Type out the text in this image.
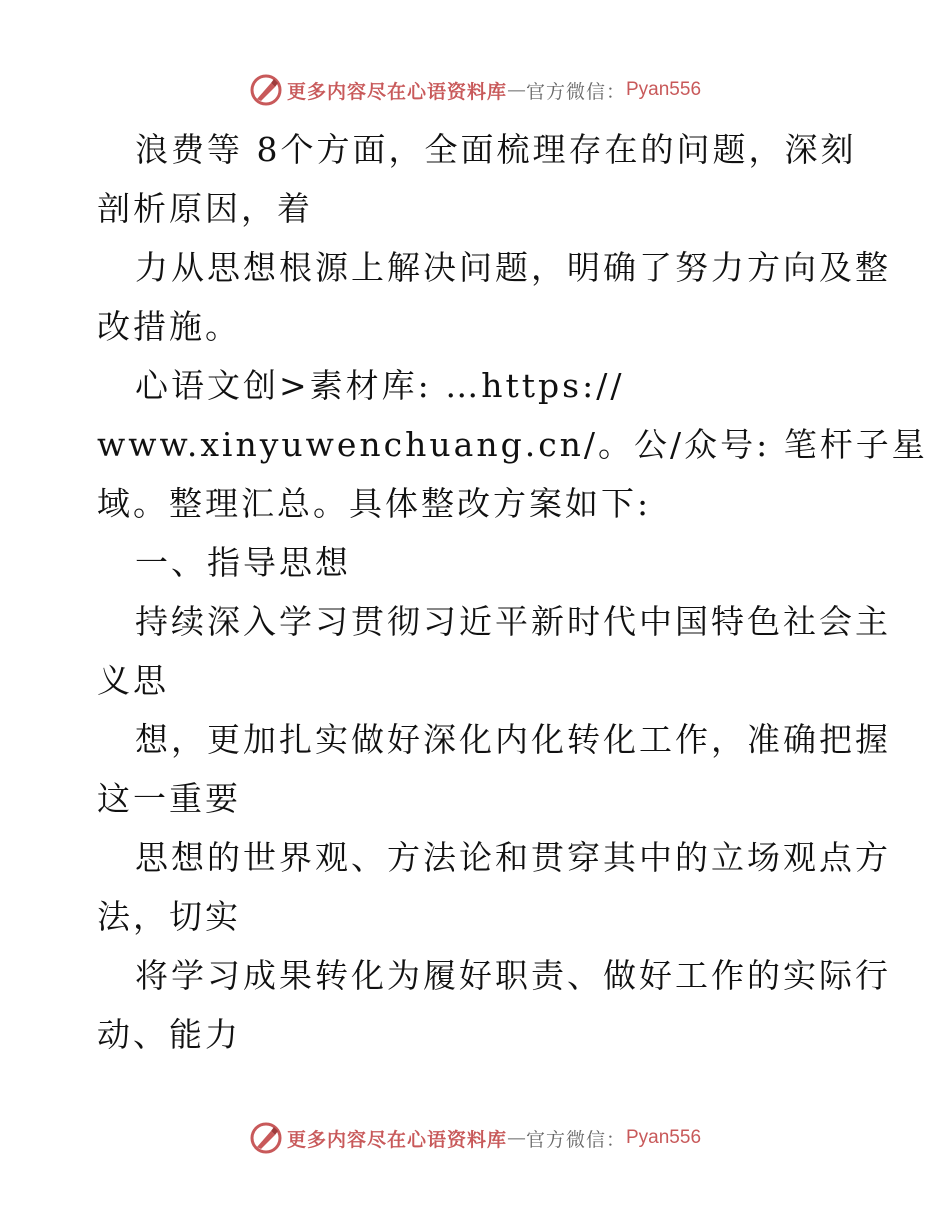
更多内容尽在心语资料库 — 官方微信： Pyan556
浪费等 8个方面，全面梳理存在的问题，深刻
剖析原因，着
力从思想根源上解决问题，明确了努力方向及整
改措施。
心语文创>素材库: …https://
www.xinyuwenchuang.cn/。公/众号: 笔杆子星
域。整理汇总。具体整改方案如下:
一、指导思想
持续深入学习贯彻习近平新时代中国特色社会主
义思
想，更加扎实做好深化内化转化工作，准确把握
这一重要
思想的世界观、方法论和贯穿其中的立场观点方
法，切实
将学习成果转化为履好职责、做好工作的实际行
动、能力
更多内容尽在心语资料库 — 官方微信： Pyan556
